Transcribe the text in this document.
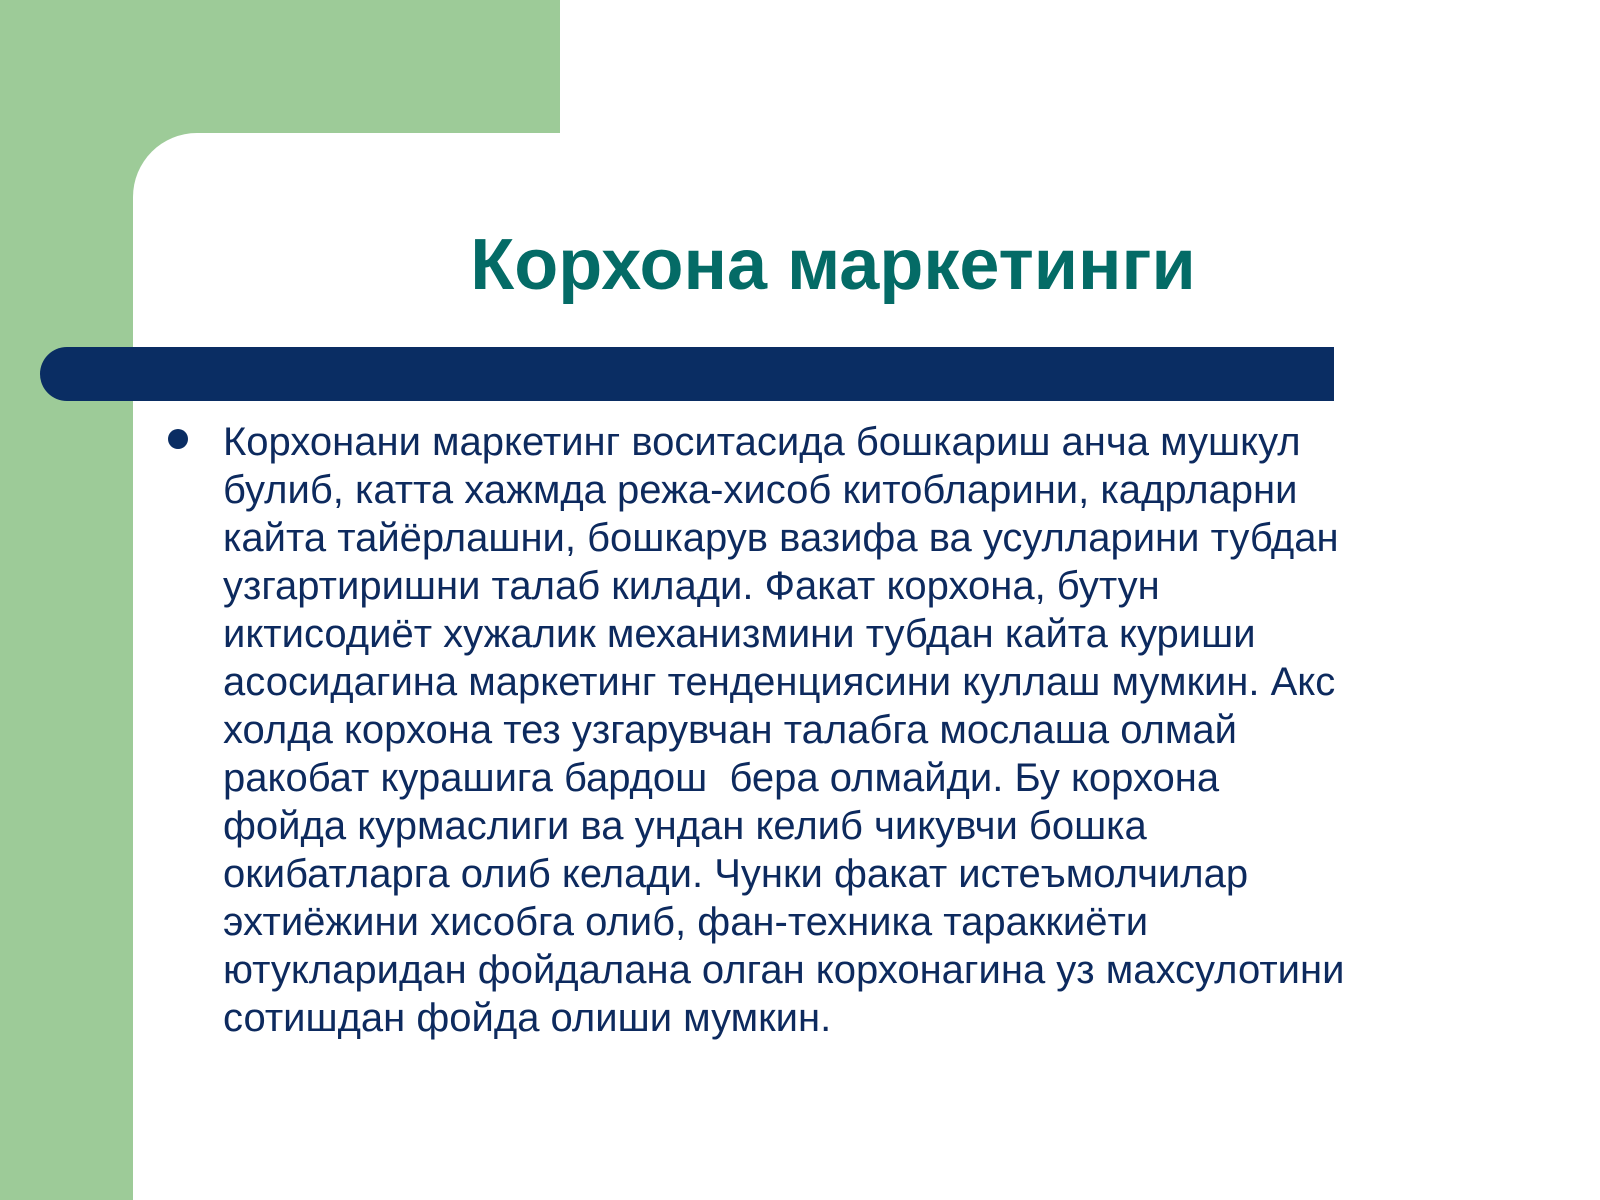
Корхона маркетинги

Корхонани маркетинг воситасида бошкариш анча мушкул
булиб, катта хажмда режа-хисоб китобларини, кадрларни
кайта тайёрлашни, бошкарув вазифа ва усулларини тубдан
узгартиришни талаб килади. Факат корхона, бутун
иктисодиёт хужалик механизмини тубдан кайта куриши
асосидагина маркетинг тенденциясини куллаш мумкин. Акс
холда корхона тез узгарувчан талабга мослаша олмай
ракобат курашига бардош  бера олмайди. Бу корхона
фойда курмаслиги ва ундан келиб чикувчи бошка
окибатларга олиб келади. Чунки факат истеъмолчилар
эхтиёжини хисобга олиб, фан-техника тараккиёти
ютукларидан фойдалана олган корхонагина уз махсулотини
сотишдан фойда олиши мумкин.
